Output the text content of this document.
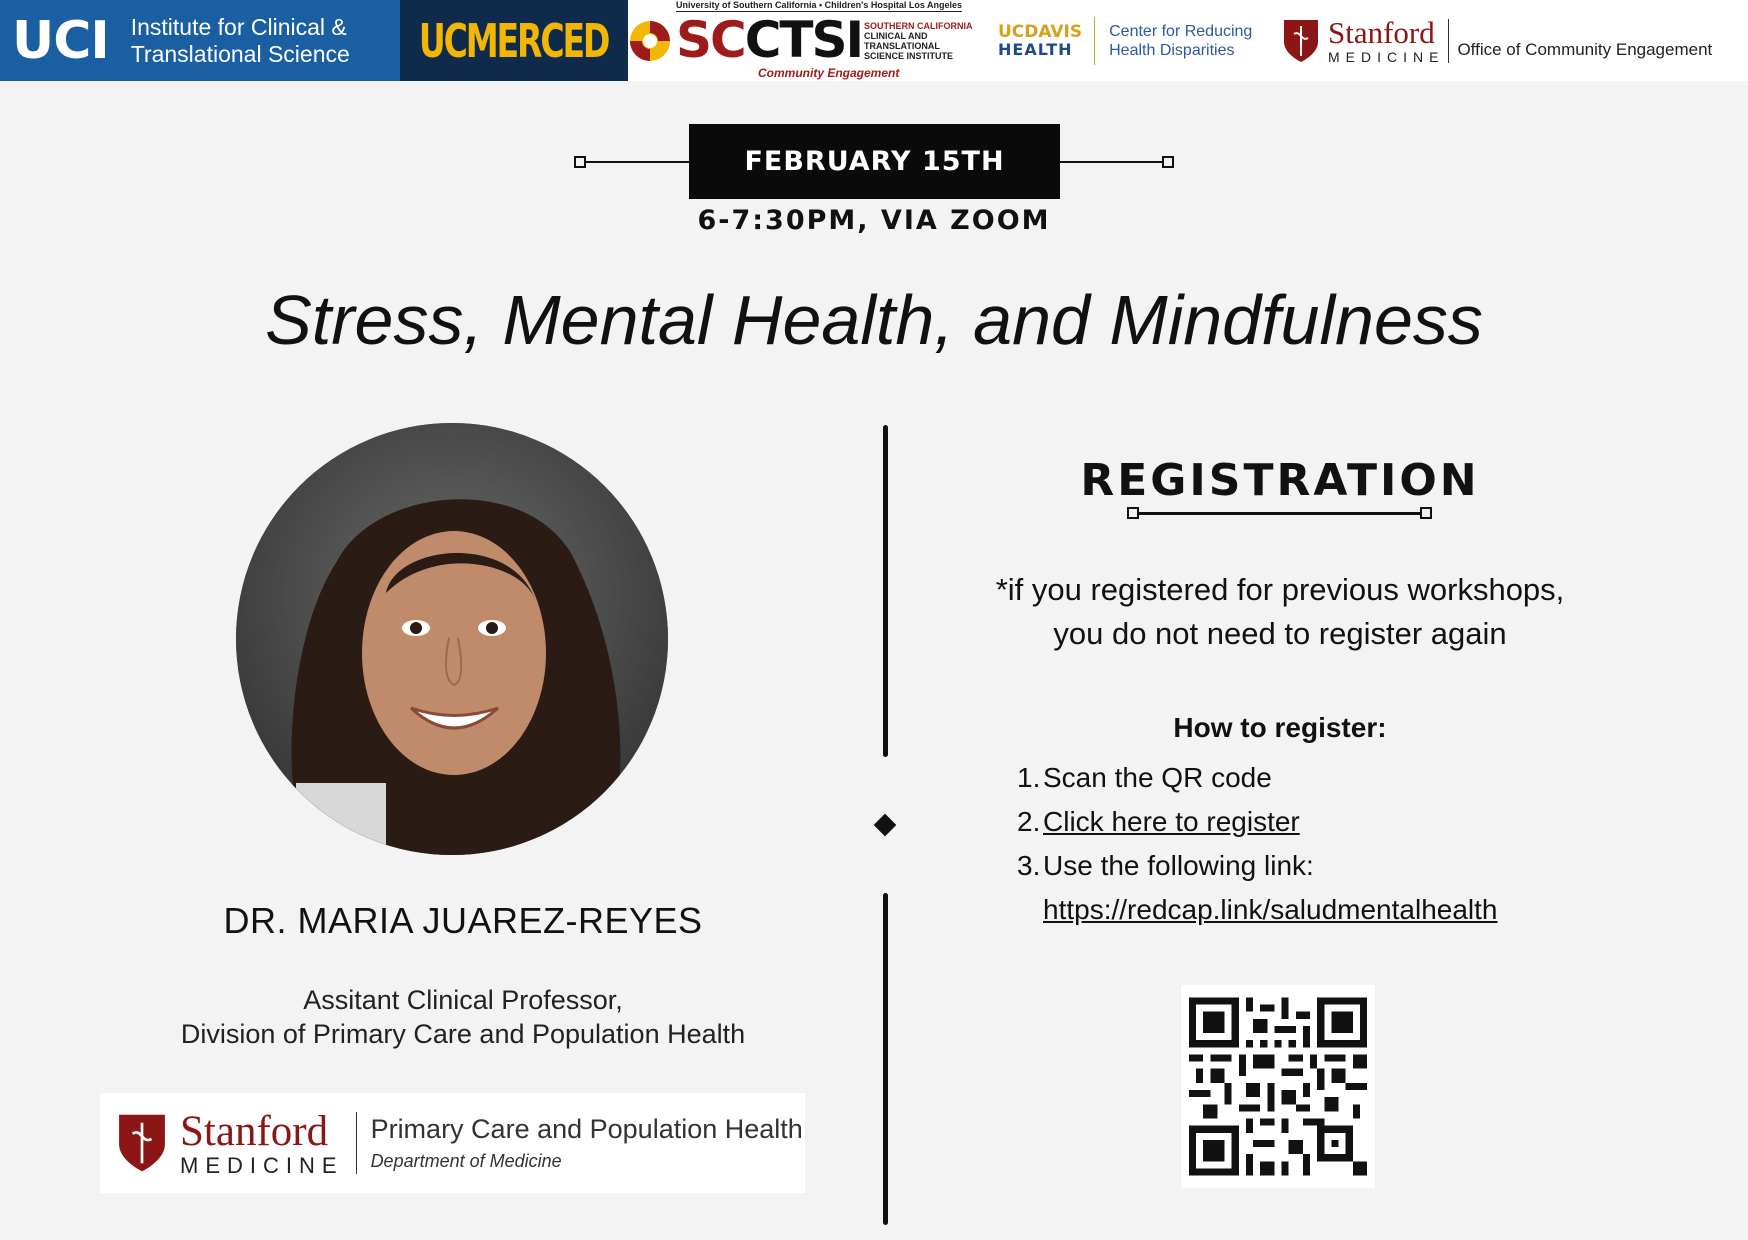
UCI Institute for Clinical &
Translational Science UCMERCED
University of Southern California • Children's Hospital Los Angeles
SCCTSI SOUTHERN CALIFORNIA
CLINICAL AND
TRANSLATIONAL
SCIENCE INSTITUTE
Community Engagement
UCDAVIS
HEALTH
Center for Reducing
Health Disparities	Stanford
MEDICINE Office of Community Engagement
FEBRUARY 15TH
6-7:30PM, VIA ZOOM
Stress, Mental Health, and Mindfulness
DR. MARIA JUAREZ-REYES
Assitant Clinical Professor,
Division of Primary Care and Population Health
Stanford
MEDICINE
Primary Care and Population Health
Department of Medicine
REGISTRATION
*if you registered for previous workshops,
you do not need to register again
How to register:
1. Scan the QR code
2. Click here to register
3. Use the following link:
https://redcap.link/saludmentalhealth
